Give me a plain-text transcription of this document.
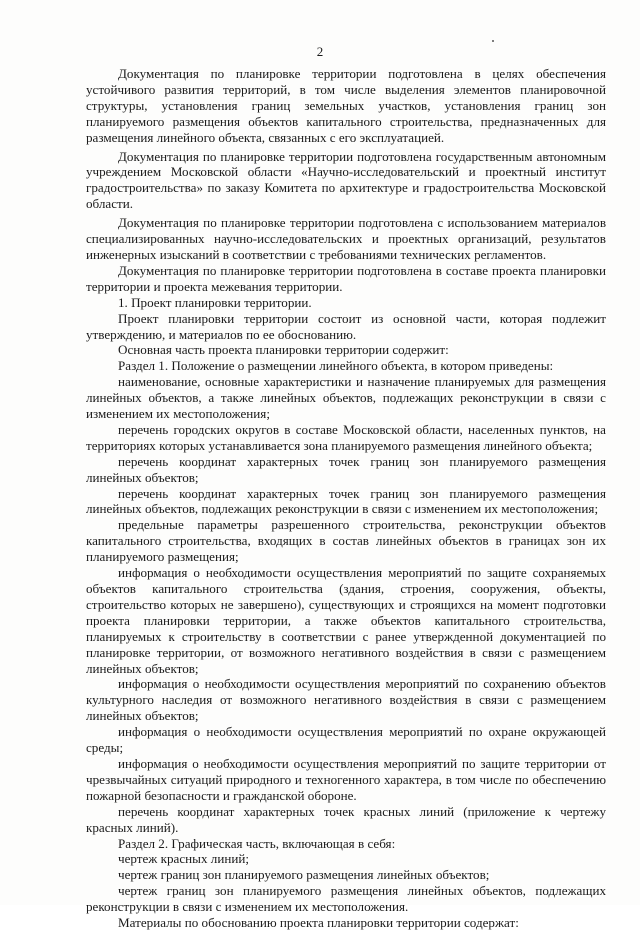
2

Документация по планировке территории подготовлена в целях обеспечения устойчивого развития территорий, в том числе выделения элементов планировочной структуры, установления границ земельных участков, установления границ зон планируемого размещения объектов капитального строительства, предназначенных для размещения линейного объекта, связанных с его эксплуатацией.

Документация по планировке территории подготовлена государственным автономным учреждением Московской области «Научно-исследовательский и проектный институт градостроительства» по заказу Комитета по архитектуре и градостроительства Московской области.

Документация по планировке территории подготовлена с использованием материалов специализированных научно-исследовательских и проектных организаций, результатов инженерных изысканий в соответствии с требованиями технических регламентов.

Документация по планировке территории подготовлена в составе проекта планировки территории и проекта межевания территории.

1. Проект планировки территории.

Проект планировки территории состоит из основной части, которая подлежит утверждению, и материалов по ее обоснованию.

Основная часть проекта планировки территории содержит:

Раздел 1. Положение о размещении линейного объекта, в котором приведены:

наименование, основные характеристики и назначение планируемых для размещения линейных объектов, а также линейных объектов, подлежащих реконструкции в связи с изменением их местоположения;

перечень городских округов в составе Московской области, населенных пунктов, на территориях которых устанавливается зона планируемого размещения линейного объекта;

перечень координат характерных точек границ зон планируемого размещения линейных объектов;

перечень координат характерных точек границ зон планируемого размещения линейных объектов, подлежащих реконструкции в связи с изменением их местоположения;

предельные параметры разрешенного строительства, реконструкции объектов капитального строительства, входящих в состав линейных объектов в границах зон их планируемого размещения;

информация о необходимости осуществления мероприятий по защите сохраняемых объектов капитального строительства (здания, строения, сооружения, объекты, строительство которых не завершено), существующих и строящихся на момент подготовки проекта планировки территории, а также объектов капитального строительства, планируемых к строительству в соответствии с ранее утвержденной документацией по планировке территории, от возможного негативного воздействия в связи с размещением линейных объектов;

информация о необходимости осуществления мероприятий по сохранению объектов культурного наследия от возможного негативного воздействия в связи с размещением линейных объектов;

информация о необходимости осуществления мероприятий по охране окружающей среды;

информация о необходимости осуществления мероприятий по защите территории от чрезвычайных ситуаций природного и техногенного характера, в том числе по обеспечению пожарной безопасности и гражданской обороне.

перечень координат характерных точек красных линий (приложение к чертежу красных линий).

Раздел 2. Графическая часть, включающая в себя:

чертеж красных линий;

чертеж границ зон планируемого размещения линейных объектов;

чертеж границ зон планируемого размещения линейных объектов, подлежащих реконструкции в связи с изменением их местоположения.

Материалы по обоснованию проекта планировки территории содержат:
